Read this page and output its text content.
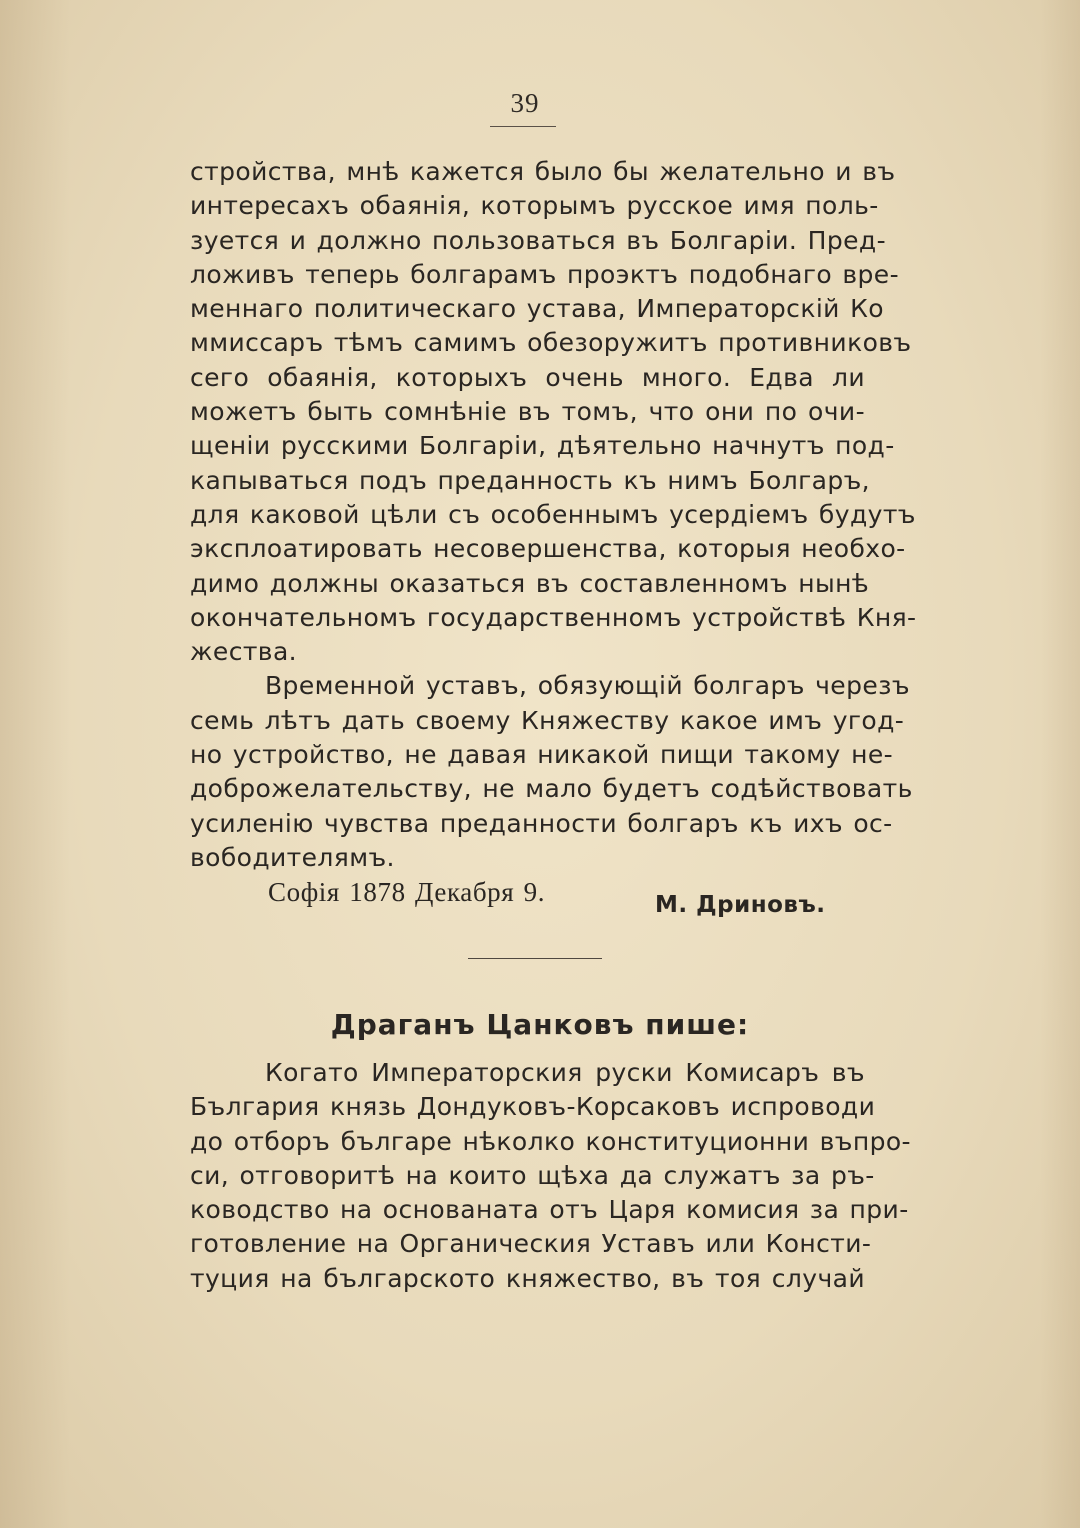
39
стройства, мнѣ кажется было бы желательно и въ
интересахъ обаянія, которымъ русское имя поль-
зуется и должно пользоваться въ Болгаріи. Пред-
ложивъ теперь болгарамъ проэктъ подобнаго вре-
меннаго политическаго устава, Императорскій Ко
ммиссаръ тѣмъ самимъ обезоружитъ противниковъ
сего обаянія, которыхъ очень много. Едва ли
можетъ быть сомнѣніе въ томъ, что они по очи-
щеніи русскими Болгаріи, дѣятельно начнутъ под-
капываться подъ преданность къ нимъ Болгаръ,
для каковой цѣли съ особеннымъ усердіемъ будутъ
эксплоатировать несовершенства, которыя необхо-
димо должны оказаться въ составленномъ нынѣ
окончательномъ государственномъ устройствѣ Кня-
жества.
Временной уставъ, обязующій болгаръ черезъ
семь лѣтъ дать своему Княжеству какое имъ угод-
но устройство, не давая никакой пищи такому не-
доброжелательству, не мало будетъ содѣйствовать
усиленію чувства преданности болгаръ къ ихъ ос-
вободителямъ.
Софія 1878 Декабря 9.	М. Дриновъ.
Драганъ Цанковъ пише:
Когато Императорския руски Комисаръ въ
България князь Дондуковъ-Корсаковъ испроводи
до отборъ българе нѣколко конституционни въпро-
си, отговоритѣ на които щѣха да служатъ за ръ-
ководство на основаната отъ Царя комисия за при-
готовление на Органическия Уставъ или Консти-
туция на българското княжество, въ тоя случай
